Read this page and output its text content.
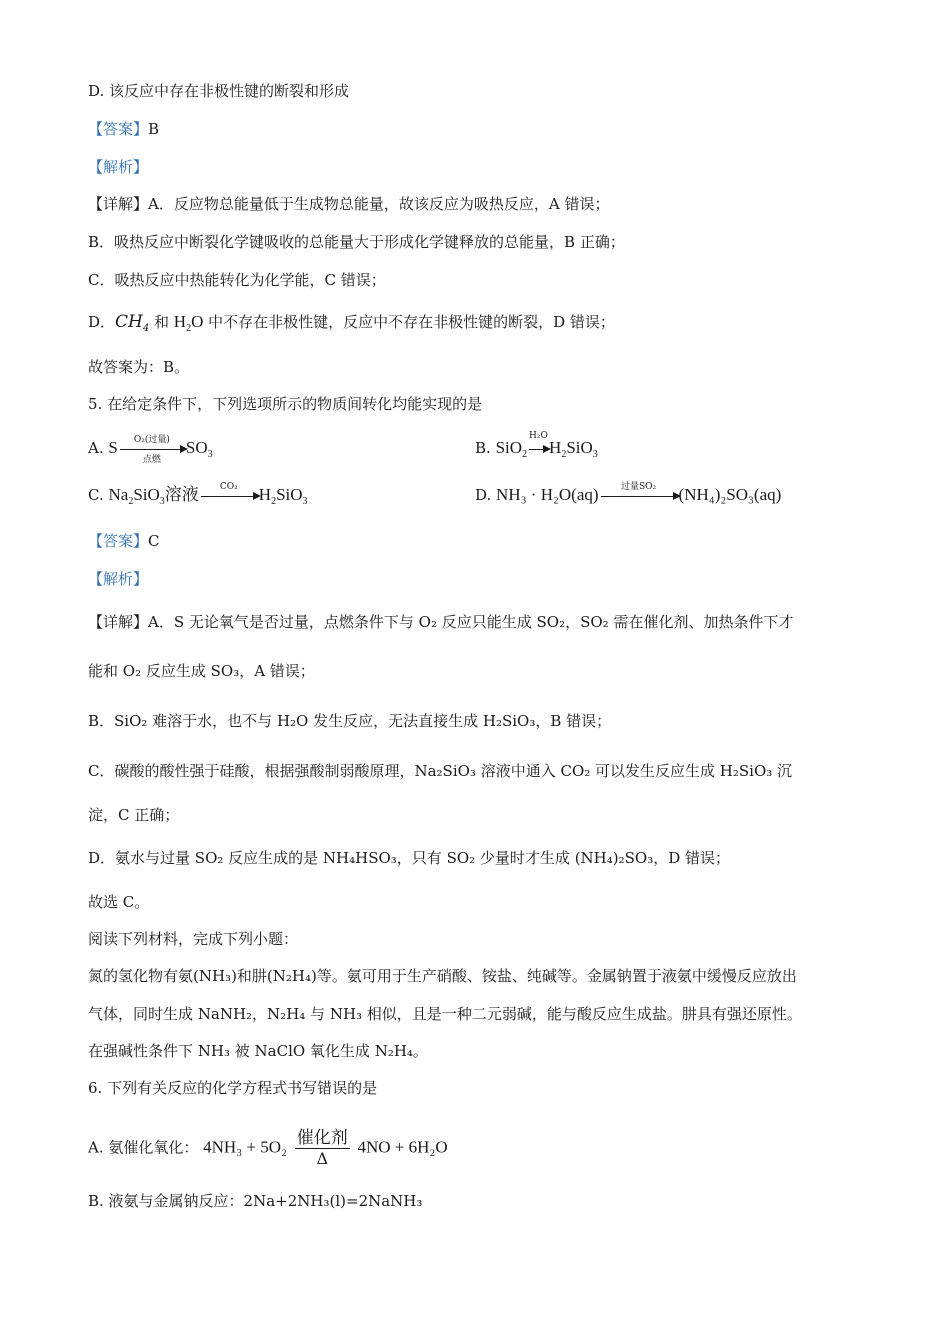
D. 该反应中存在非极性键的断裂和形成
【答案】B
【解析】
【详解】A．反应物总能量低于生成物总能量，故该反应为吸热反应，A 错误；
B．吸热反应中断裂化学键吸收的总能量大于形成化学键释放的总能量，B 正确；
C．吸热反应中热能转化为化学能，C 错误；
D．$CH_4$ 和 $H_2O$ 中不存在非极性键，反应中不存在非极性键的断裂，D 错误；
故答案为：B。
5. 在给定条件下，下列选项所示的物质间转化均能实现的是
A. S	O₂(过量)
点燃
$SO_3$	B. SiO$_2$
H₂O
$H_2SiO_3$
C. $Na_2SiO_3$溶液	CO₂	$H_2SiO_3$	D. NH₃ · H₂O(aq)	过量SO₂	(NH₄)₂SO₃(aq)
【答案】C
【解析】
【详解】A．S 无论氧气是否过量，点燃条件下与 O₂ 反应只能生成 SO₂，SO₂ 需在催化剂、加热条件下才
能和 O₂ 反应生成 SO₃，A 错误；
B．SiO₂ 难溶于水，也不与 H₂O 发生反应，无法直接生成 H₂SiO₃，B 错误；
C．碳酸的酸性强于硅酸，根据强酸制弱酸原理，Na₂SiO₃ 溶液中通入 CO₂ 可以发生反应生成 H₂SiO₃ 沉
淀，C 正确；
D．氨水与过量 SO₂ 反应生成的是 NH₄HSO₃，只有 SO₂ 少量时才生成 (NH₄)₂SO₃，D 错误；
故选 C。
阅读下列材料，完成下列小题：
氮的氢化物有氨(NH₃)和肼(N₂H₄)等。氨可用于生产硝酸、铵盐、纯碱等。金属钠置于液氨中缓慢反应放出
气体，同时生成 NaNH₂，N₂H₄ 与 NH₃ 相似，且是一种二元弱碱，能与酸反应生成盐。肼具有强还原性。
在强碱性条件下 NH₃ 被 NaClO 氧化生成 N₂H₄。
6. 下列有关反应的化学方程式书写错误的是
A. 氨催化氧化： $4NH_3 + 5O_2 \frac{\text{催化剂}}{\Delta} 4NO + 6H_2O$
B. 液氨与金属钠反应：2Na+2NH₃(l)=2NaNH₃
